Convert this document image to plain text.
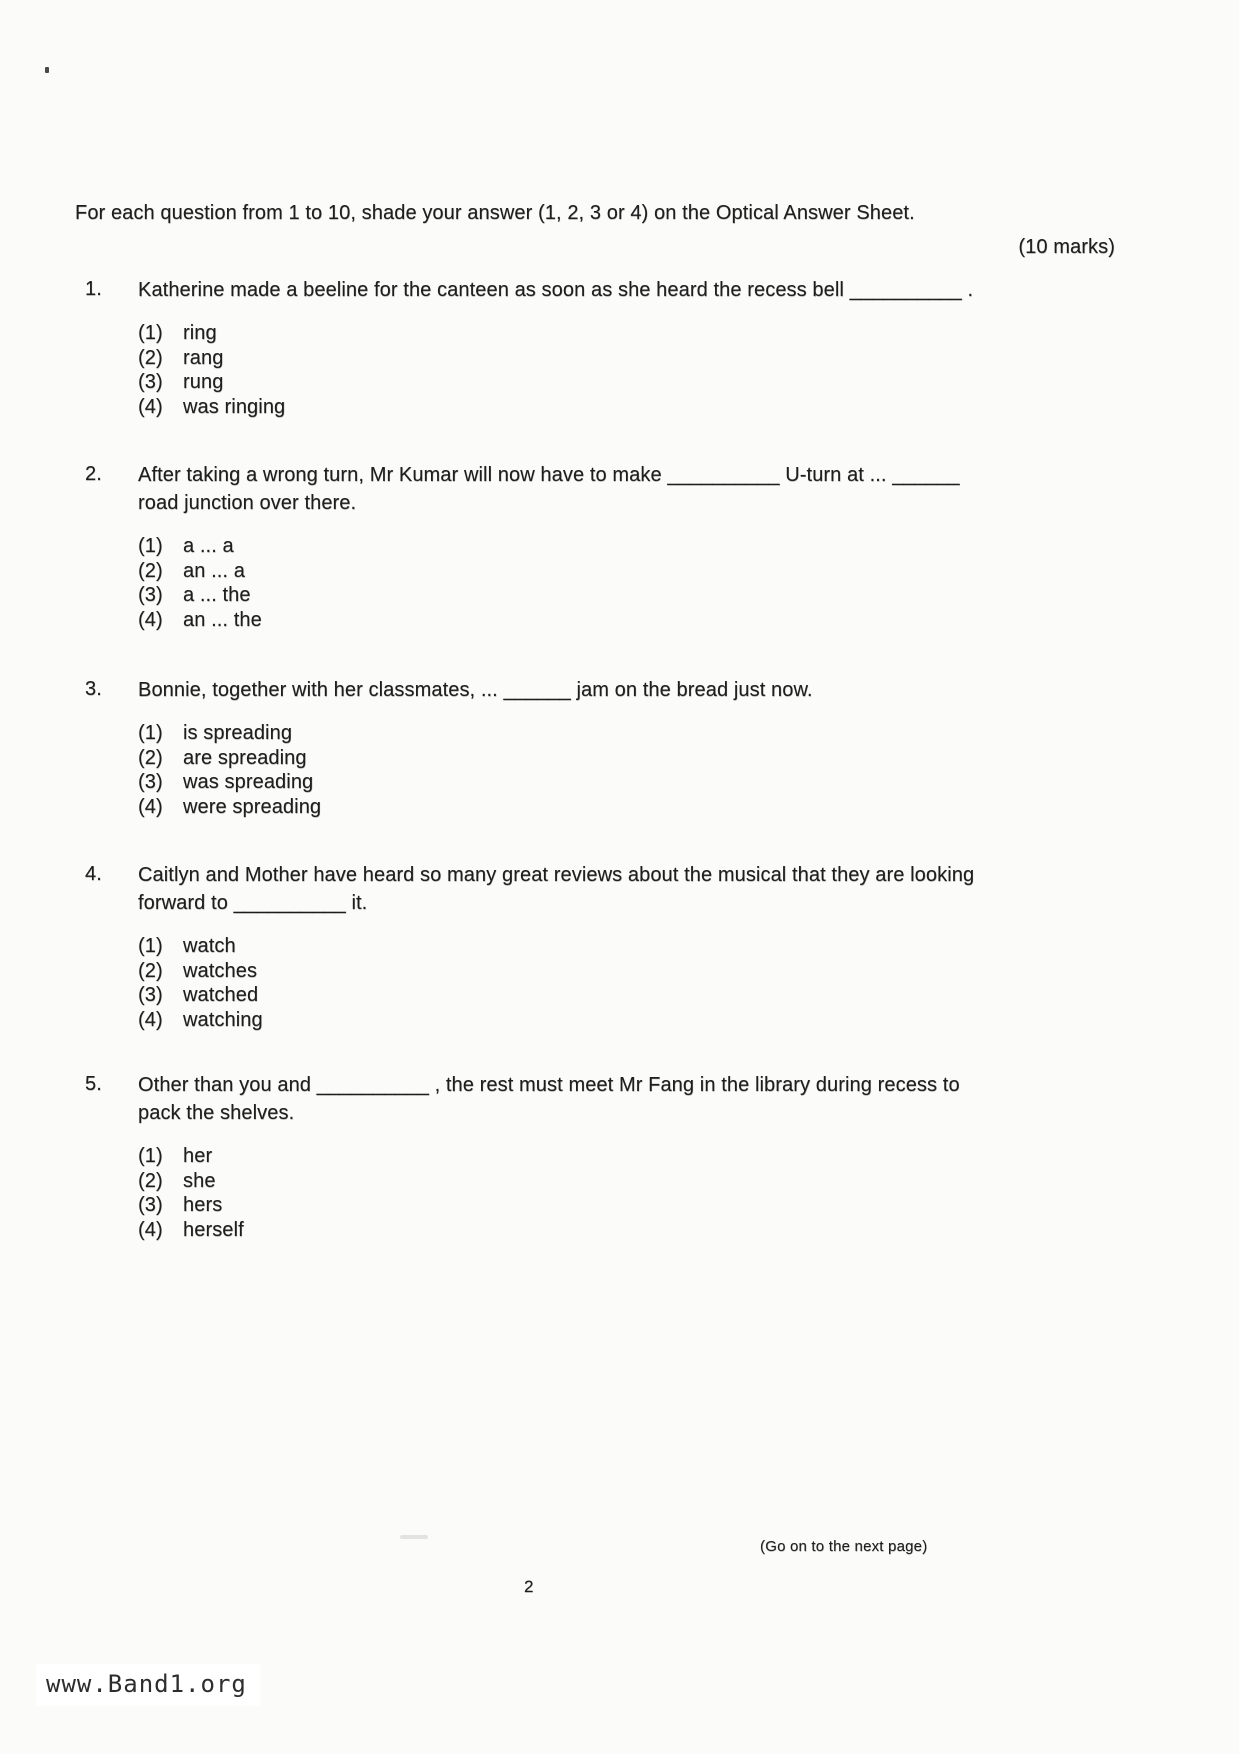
For each question from 1 to 10, shade your answer (1, 2, 3 or 4) on the Optical Answer Sheet.
(10 marks)
1.	Katherine made a beeline for the canteen as soon as she heard the recess bell __________ .
(1)	ring
(2)	rang
(3)	rung
(4)	was ringing
2.	After taking a wrong turn, Mr Kumar will now have to make __________ U-turn at ... ______ road junction over there.
(1)	a ... a
(2)	an ... a
(3)	a ... the
(4)	an ... the
3.	Bonnie, together with her classmates, ... ______ jam on the bread just now.
(1)	is spreading
(2)	are spreading
(3)	was spreading
(4)	were spreading
4.	Caitlyn and Mother have heard so many great reviews about the musical that they are looking forward to __________ it.
(1)	watch
(2)	watches
(3)	watched
(4)	watching
5.	Other than you and __________ , the rest must meet Mr Fang in the library during recess to pack the shelves.
(1)	her
(2)	she
(3)	hers
(4)	herself
(Go on to the next page)
2
www.Band1.org
